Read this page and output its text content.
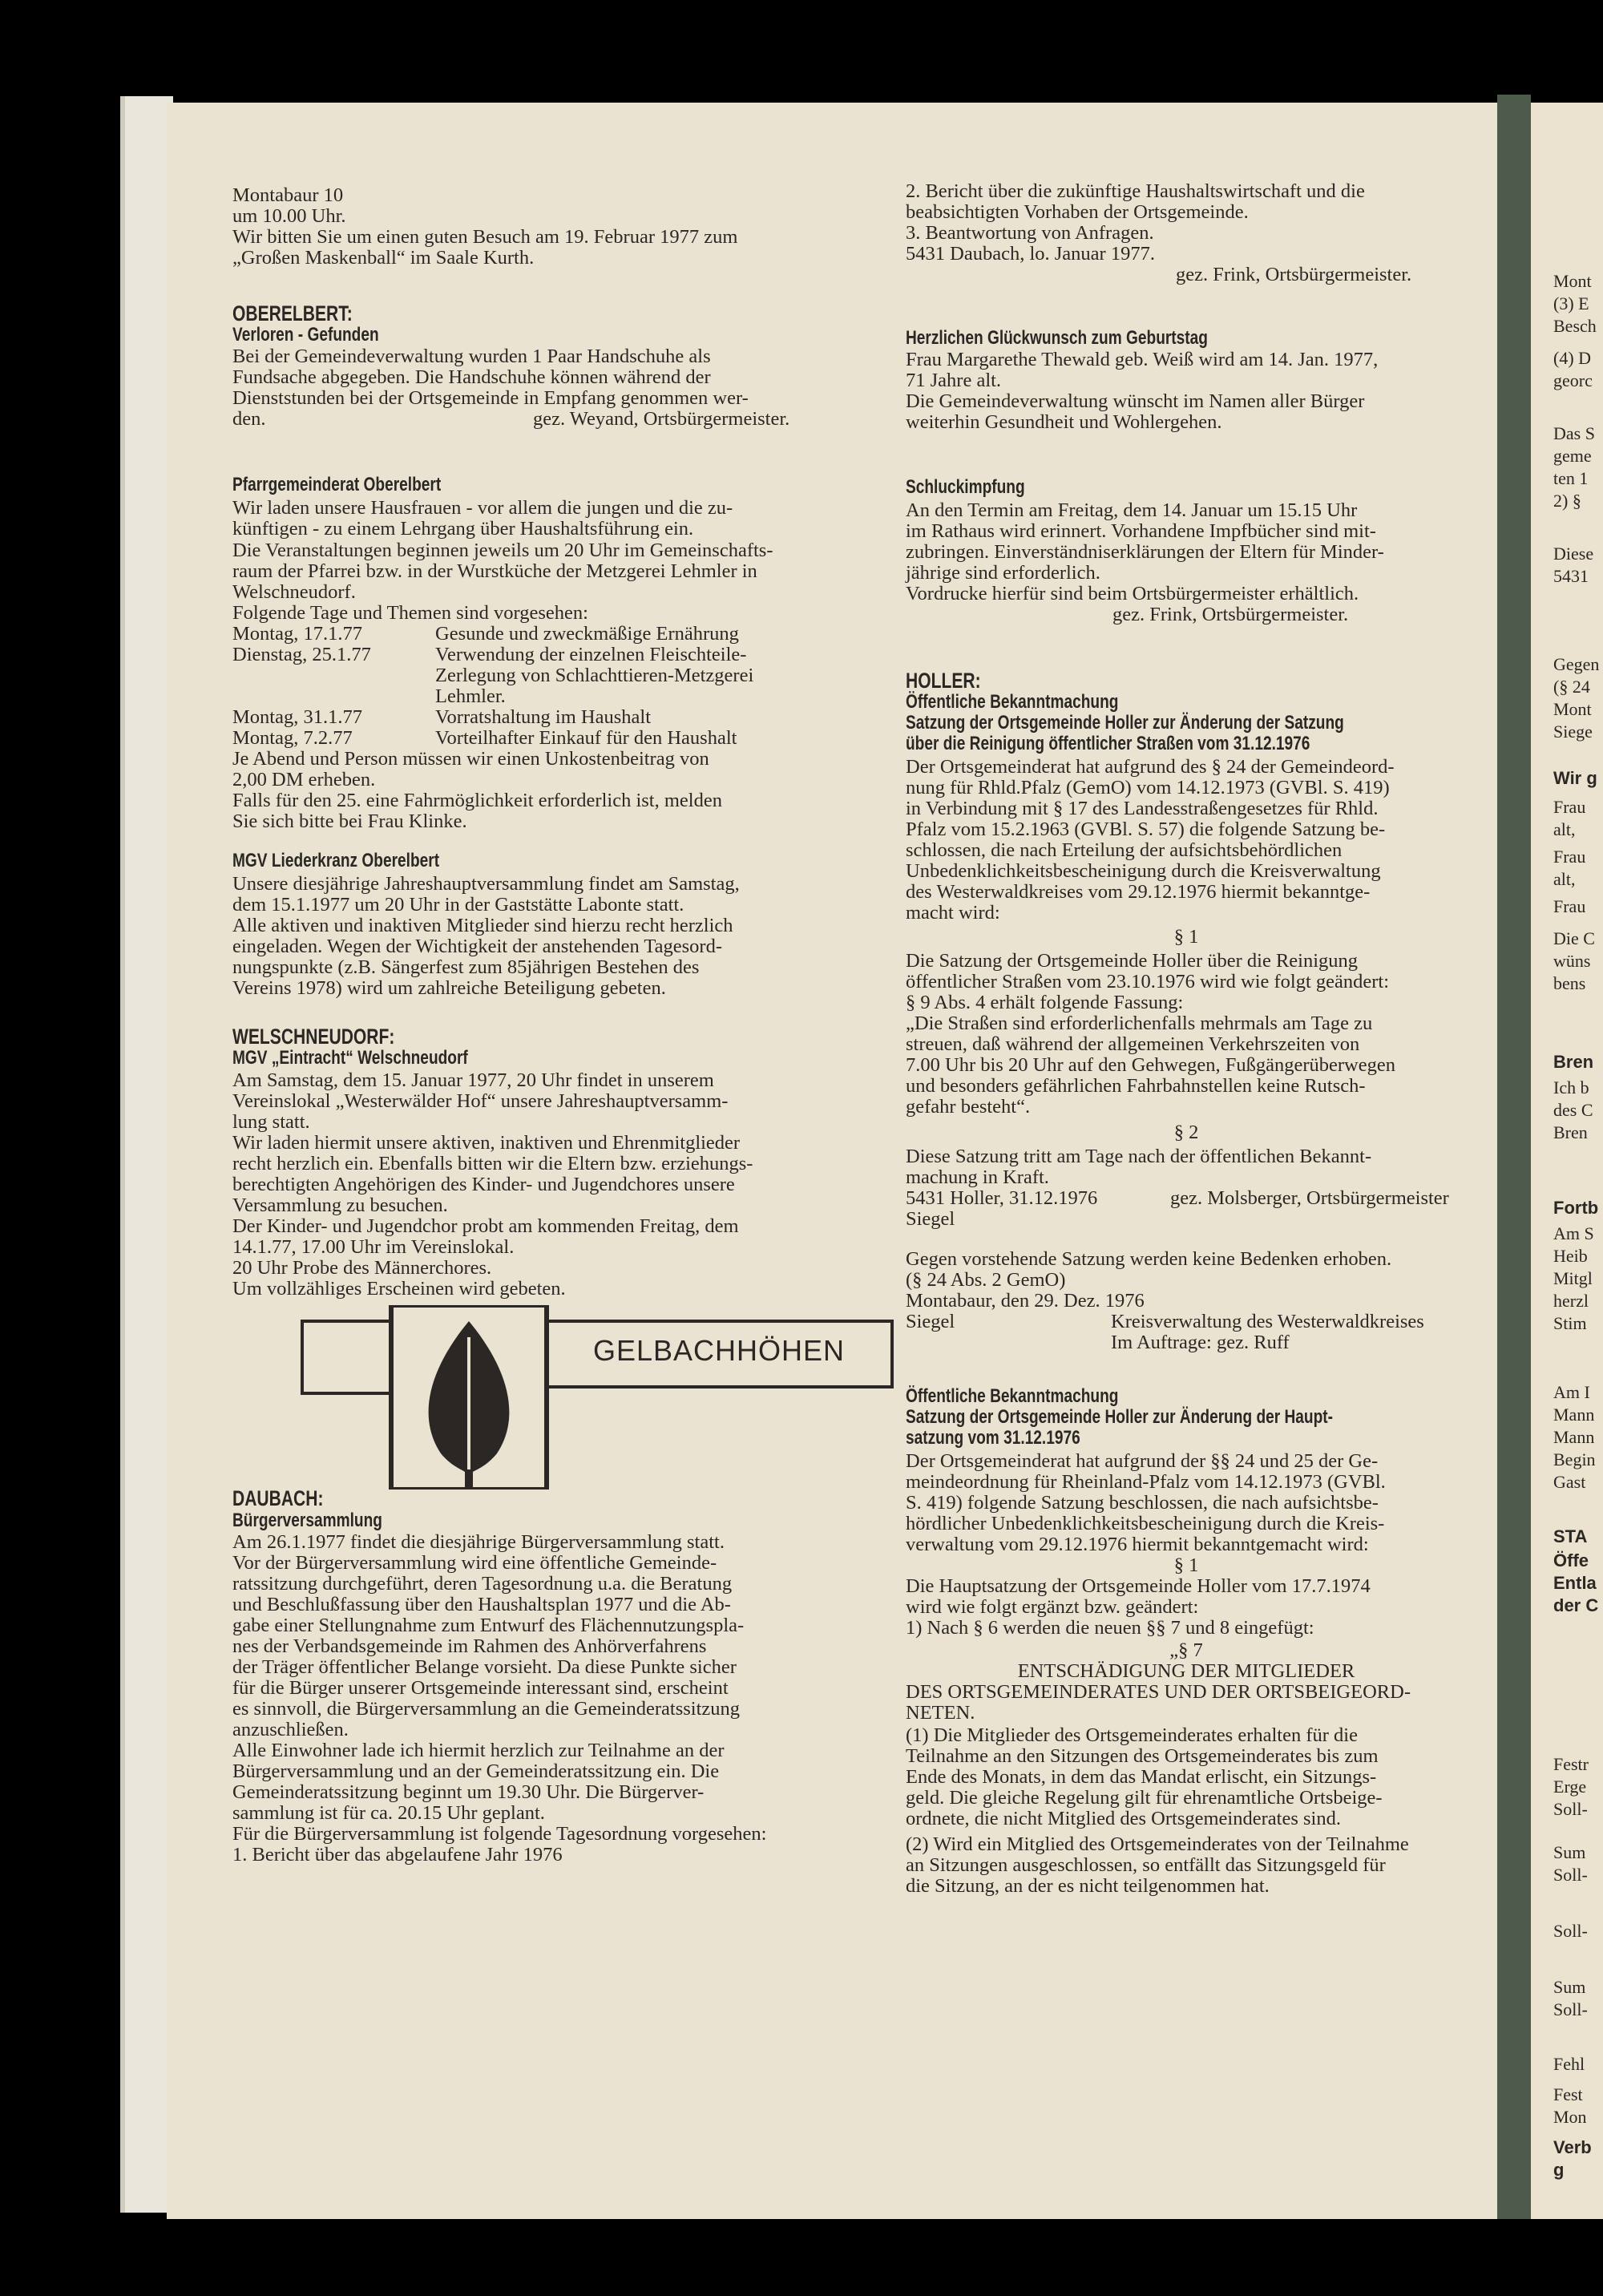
Montabaur 10
um 10.00 Uhr.
Wir bitten Sie um einen guten Besuch am 19. Februar 1977 zum
„Großen Maskenball“ im Saale Kurth.
OBERELBERT:
Verloren - Gefunden
Bei der Gemeindeverwaltung wurden 1 Paar Handschuhe als
Fundsache abgegeben. Die Handschuhe können während der
Dienststunden bei der Ortsgemeinde in Empfang genommen wer-
den.	gez. Weyand, Ortsbürgermeister.
Pfarrgemeinderat Oberelbert
Wir laden unsere Hausfrauen - vor allem die jungen und die zu-
künftigen - zu einem Lehrgang über Haushaltsführung ein.
Die Veranstaltungen beginnen jeweils um 20 Uhr im Gemeinschafts-
raum der Pfarrei bzw. in der Wurstküche der Metzgerei Lehmler in
Welschneudorf.
Folgende Tage und Themen sind vorgesehen:
Montag, 17.1.77	Gesunde und zweckmäßige Ernährung
Dienstag, 25.1.77	Verwendung der einzelnen Fleischteile-
Zerlegung von Schlachttieren-Metzgerei
Lehmler.
Montag, 31.1.77	Vorratshaltung im Haushalt
Montag, 7.2.77	Vorteilhafter Einkauf für den Haushalt
Je Abend und Person müssen wir einen Unkostenbeitrag von
2,00 DM erheben.
Falls für den 25. eine Fahrmöglichkeit erforderlich ist, melden
Sie sich bitte bei Frau Klinke.
MGV Liederkranz Oberelbert
Unsere diesjährige Jahreshauptversammlung findet am Samstag,
dem 15.1.1977 um 20 Uhr in der Gaststätte Labonte statt.
Alle aktiven und inaktiven Mitglieder sind hierzu recht herzlich
eingeladen. Wegen der Wichtigkeit der anstehenden Tagesord-
nungspunkte (z.B. Sängerfest zum 85jährigen Bestehen des
Vereins 1978) wird um zahlreiche Beteiligung gebeten.
WELSCHNEUDORF:
MGV „Eintracht“ Welschneudorf
Am Samstag, dem 15. Januar 1977, 20 Uhr findet in unserem
Vereinslokal „Westerwälder Hof“ unsere Jahreshauptversamm-
lung statt.
Wir laden hiermit unsere aktiven, inaktiven und Ehrenmitglieder
recht herzlich ein. Ebenfalls bitten wir die Eltern bzw. erziehungs-
berechtigten Angehörigen des Kinder- und Jugendchores unsere
Versammlung zu besuchen.
Der Kinder- und Jugendchor probt am kommenden Freitag, dem
14.1.77, 17.00 Uhr im Vereinslokal.
20 Uhr Probe des Männerchores.
Um vollzähliges Erscheinen wird gebeten.
GELBACHHÖHEN
DAUBACH:
Bürgerversammlung
Am 26.1.1977 findet die diesjährige Bürgerversammlung statt.
Vor der Bürgerversammlung wird eine öffentliche Gemeinde-
ratssitzung durchgeführt, deren Tagesordnung u.a. die Beratung
und Beschlußfassung über den Haushaltsplan 1977 und die Ab-
gabe einer Stellungnahme zum Entwurf des Flächennutzungspla-
nes der Verbandsgemeinde im Rahmen des Anhörverfahrens
der Träger öffentlicher Belange vorsieht. Da diese Punkte sicher
für die Bürger unserer Ortsgemeinde interessant sind, erscheint
es sinnvoll, die Bürgerversammlung an die Gemeinderatssitzung
anzuschließen.
Alle Einwohner lade ich hiermit herzlich zur Teilnahme an der
Bürgerversammlung und an der Gemeinderatssitzung ein. Die
Gemeinderatssitzung beginnt um 19.30 Uhr. Die Bürgerver-
sammlung ist für ca. 20.15 Uhr geplant.
Für die Bürgerversammlung ist folgende Tagesordnung vorgesehen:
1. Bericht über das abgelaufene Jahr 1976
2. Bericht über die zukünftige Haushaltswirtschaft und die
beabsichtigten Vorhaben der Ortsgemeinde.
3. Beantwortung von Anfragen.
5431 Daubach, lo. Januar 1977.
gez. Frink, Ortsbürgermeister.
Herzlichen Glückwunsch zum Geburtstag
Frau Margarethe Thewald geb. Weiß wird am 14. Jan. 1977,
71 Jahre alt.
Die Gemeindeverwaltung wünscht im Namen aller Bürger
weiterhin Gesundheit und Wohlergehen.
Schluckimpfung
An den Termin am Freitag, dem 14. Januar um 15.15 Uhr
im Rathaus wird erinnert. Vorhandene Impfbücher sind mit-
zubringen. Einverständniserklärungen der Eltern für Minder-
jährige sind erforderlich.
Vordrucke hierfür sind beim Ortsbürgermeister erhältlich.
gez. Frink, Ortsbürgermeister.
HOLLER:
Öffentliche Bekanntmachung
Satzung der Ortsgemeinde Holler zur Änderung der Satzung
über die Reinigung öffentlicher Straßen vom 31.12.1976
Der Ortsgemeinderat hat aufgrund des § 24 der Gemeindeord-
nung für Rhld.Pfalz (GemO) vom 14.12.1973 (GVBl. S. 419)
in Verbindung mit § 17 des Landesstraßengesetzes für Rhld.
Pfalz vom 15.2.1963 (GVBl. S. 57) die folgende Satzung be-
schlossen, die nach Erteilung der aufsichtsbehördlichen
Unbedenklichkeitsbescheinigung durch die Kreisverwaltung
des Westerwaldkreises vom 29.12.1976 hiermit bekanntge-
macht wird:
§ 1
Die Satzung der Ortsgemeinde Holler über die Reinigung
öffentlicher Straßen vom 23.10.1976 wird wie folgt geändert:
§ 9 Abs. 4 erhält folgende Fassung:
„Die Straßen sind erforderlichenfalls mehrmals am Tage zu
streuen, daß während der allgemeinen Verkehrszeiten von
7.00 Uhr bis 20 Uhr auf den Gehwegen, Fußgängerüberwegen
und besonders gefährlichen Fahrbahnstellen keine Rutsch-
gefahr besteht“.
§ 2
Diese Satzung tritt am Tage nach der öffentlichen Bekannt-
machung in Kraft.
5431 Holler, 31.12.1976	gez. Molsberger, Ortsbürgermeister
Siegel
Gegen vorstehende Satzung werden keine Bedenken erhoben.
(§ 24 Abs. 2 GemO)
Montabaur, den 29. Dez. 1976
Siegel	Kreisverwaltung des Westerwaldkreises
Im Auftrage: gez. Ruff
Öffentliche Bekanntmachung
Satzung der Ortsgemeinde Holler zur Änderung der Haupt-
satzung vom 31.12.1976
Der Ortsgemeinderat hat aufgrund der §§ 24 und 25 der Ge-
meindeordnung für Rheinland-Pfalz vom 14.12.1973 (GVBl.
S. 419) folgende Satzung beschlossen, die nach aufsichtsbe-
hördlicher Unbedenklichkeitsbescheinigung durch die Kreis-
verwaltung vom 29.12.1976 hiermit bekanntgemacht wird:
§ 1
Die Hauptsatzung der Ortsgemeinde Holler vom 17.7.1974
wird wie folgt ergänzt bzw. geändert:
1) Nach § 6 werden die neuen §§ 7 und 8 eingefügt:
„§ 7
ENTSCHÄDIGUNG DER MITGLIEDER
DES ORTSGEMEINDERATES UND DER ORTSBEIGEORD-
NETEN.
(1) Die Mitglieder des Ortsgemeinderates erhalten für die
Teilnahme an den Sitzungen des Ortsgemeinderates bis zum
Ende des Monats, in dem das Mandat erlischt, ein Sitzungs-
geld. Die gleiche Regelung gilt für ehrenamtliche Ortsbeige-
ordnete, die nicht Mitglied des Ortsgemeinderates sind.
(2) Wird ein Mitglied des Ortsgemeinderates von der Teilnahme
an Sitzungen ausgeschlossen, so entfällt das Sitzungsgeld für
die Sitzung, an der es nicht teilgenommen hat.
Mont
(3) E
Besch
(4) D
georc
Das S
geme
ten 1
2) §
Diese
5431
Gegen
(§ 24
Mont
Siege
Wir g
Frau
alt,
Frau
alt,
Frau
Die C
wüns
bens
Bren
Ich b
des C
Bren
Fortb
Am S
Heib
Mitgl
herzl
Stim
Am I
Mann
Mann
Begin
Gast
STA
Öffe
Entla
der C
Festr
Erge
Soll-
Sum
Soll-
Soll-
Sum
Soll-
Fehl
Fest
Mon
Verb
g
